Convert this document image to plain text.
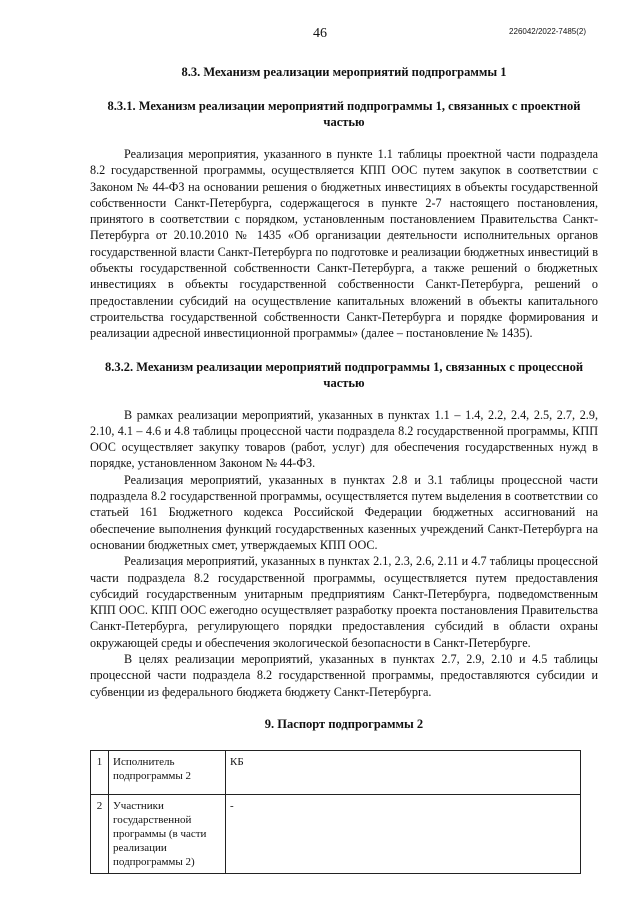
46	226042/2022-7485(2)
8.3. Механизм реализации мероприятий подпрограммы 1
8.3.1. Механизм реализации мероприятий подпрограммы 1, связанных с проектной частью

Реализация мероприятия, указанного в пункте 1.1 таблицы проектной части подраздела 8.2 государственной программы, осуществляется КПП ООС путем закупок в соответствии с Законом № 44-ФЗ на основании решения о бюджетных инвестициях в объекты государственной собственности Санкт-Петербурга, содержащегося в пункте 2-7 настоящего постановления, принятого в соответствии с порядком, установленным постановлением Правительства Санкт-Петербурга от 20.10.2010 № 1435 «Об организации деятельности исполнительных органов государственной власти Санкт-Петербурга по подготовке и реализации бюджетных инвестиций в объекты государственной собственности Санкт-Петербурга, а также решений о бюджетных инвестициях в объекты государственной собственности Санкт-Петербурга, решений о предоставлении субсидий на осуществление капитальных вложений в объекты капитального строительства государственной собственности Санкт-Петербурга и порядке формирования и реализации адресной инвестиционной программы» (далее – постановление № 1435).

8.3.2. Механизм реализации мероприятий подпрограммы 1, связанных с процессной частью

В рамках реализации мероприятий, указанных в пунктах 1.1 – 1.4, 2.2, 2.4, 2.5, 2.7, 2.9, 2.10, 4.1 – 4.6 и 4.8 таблицы процессной части подраздела 8.2 государственной программы, КПП ООС осуществляет закупку товаров (работ, услуг) для обеспечения государственных нужд в порядке, установленном Законом № 44-ФЗ.

Реализация мероприятий, указанных в пунктах 2.8 и 3.1 таблицы процессной части подраздела 8.2 государственной программы, осуществляется путем выделения в соответствии со статьей 161 Бюджетного кодекса Российской Федерации бюджетных ассигнований на обеспечение выполнения функций государственных казенных учреждений Санкт-Петербурга на основании бюджетных смет, утверждаемых КПП ООС.

Реализация мероприятий, указанных в пунктах 2.1, 2.3, 2.6, 2.11 и 4.7 таблицы процессной части подраздела 8.2 государственной программы, осуществляется путем предоставления субсидий государственным унитарным предприятиям Санкт-Петербурга, подведомственным КПП ООС. КПП ООС ежегодно осуществляет разработку проекта постановления Правительства Санкт-Петербурга, регулирующего порядки предоставления субсидий в области охраны окружающей среды и обеспечения экологической безопасности в Санкт-Петербурге.

В целях реализации мероприятий, указанных в пунктах 2.7, 2.9, 2.10 и 4.5 таблицы процессной части подраздела 8.2 государственной программы, предоставляются субсидии и субвенции из федерального бюджета бюджету Санкт-Петербурга.

9. Паспорт подпрограммы 2
1	Исполнитель подпрограммы 2	КБ
2	Участники государственной программы (в части реализации подпрограммы 2)	-
